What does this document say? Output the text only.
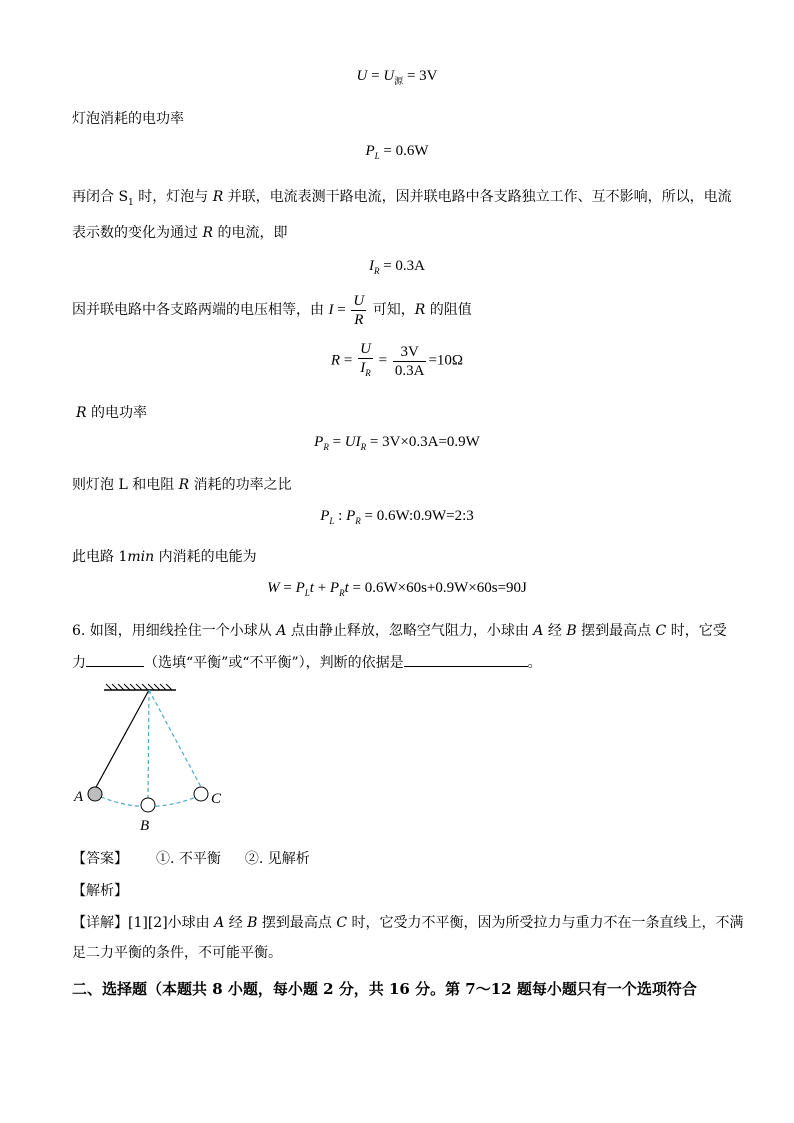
$U = U_源 = 3V$
灯泡消耗的电功率
$P_L = 0.6W$
再闭合 $S_1$ 时，灯泡与 R 并联，电流表测干路电流，因并联电路中各支路独立工作、互不影响，所以，电流
表示数的变化为通过 R 的电流，即
$I_R = 0.3A$
因并联电路中各支路两端的电压相等，由 $I = \frac{U}{R}$ 可知，R 的阻值
$R = \frac{U}{I_R} = \frac{3V}{0.3A} =10\Omega$
R 的电功率
$P_R = UI_R = 3V\times 0.3A=0.9W$
则灯泡 L 和电阻 R 消耗的功率之比
$P_L$ : $P_R$ = 0.6W:0.9W=2:3
此电路 1min 内消耗的电能为
$W = P_Lt + P_Rt = 0.6W\times 60s+0.9W\times 60s=90J$
6. 如图，用细线拴住一个小球从 A 点由静止释放，忽略空气阻力，小球由 A 经 B 摆到最高点 C 时，它受
力	（选填“平衡”或“不平衡”），判断的依据是	。
A
B
C
【答案】 ①. 不平衡 ②. 见解析
【解析】
【详解】[1][2]小球由 A 经 B 摆到最高点 C 时，它受力不平衡，因为所受拉力与重力不在一条直线上，不满
足二力平衡的条件，不可能平衡。
二、选择题（本题共 8 小题，每小题 2 分，共 16 分。第 7～12 题每小题只有一个选项符合
